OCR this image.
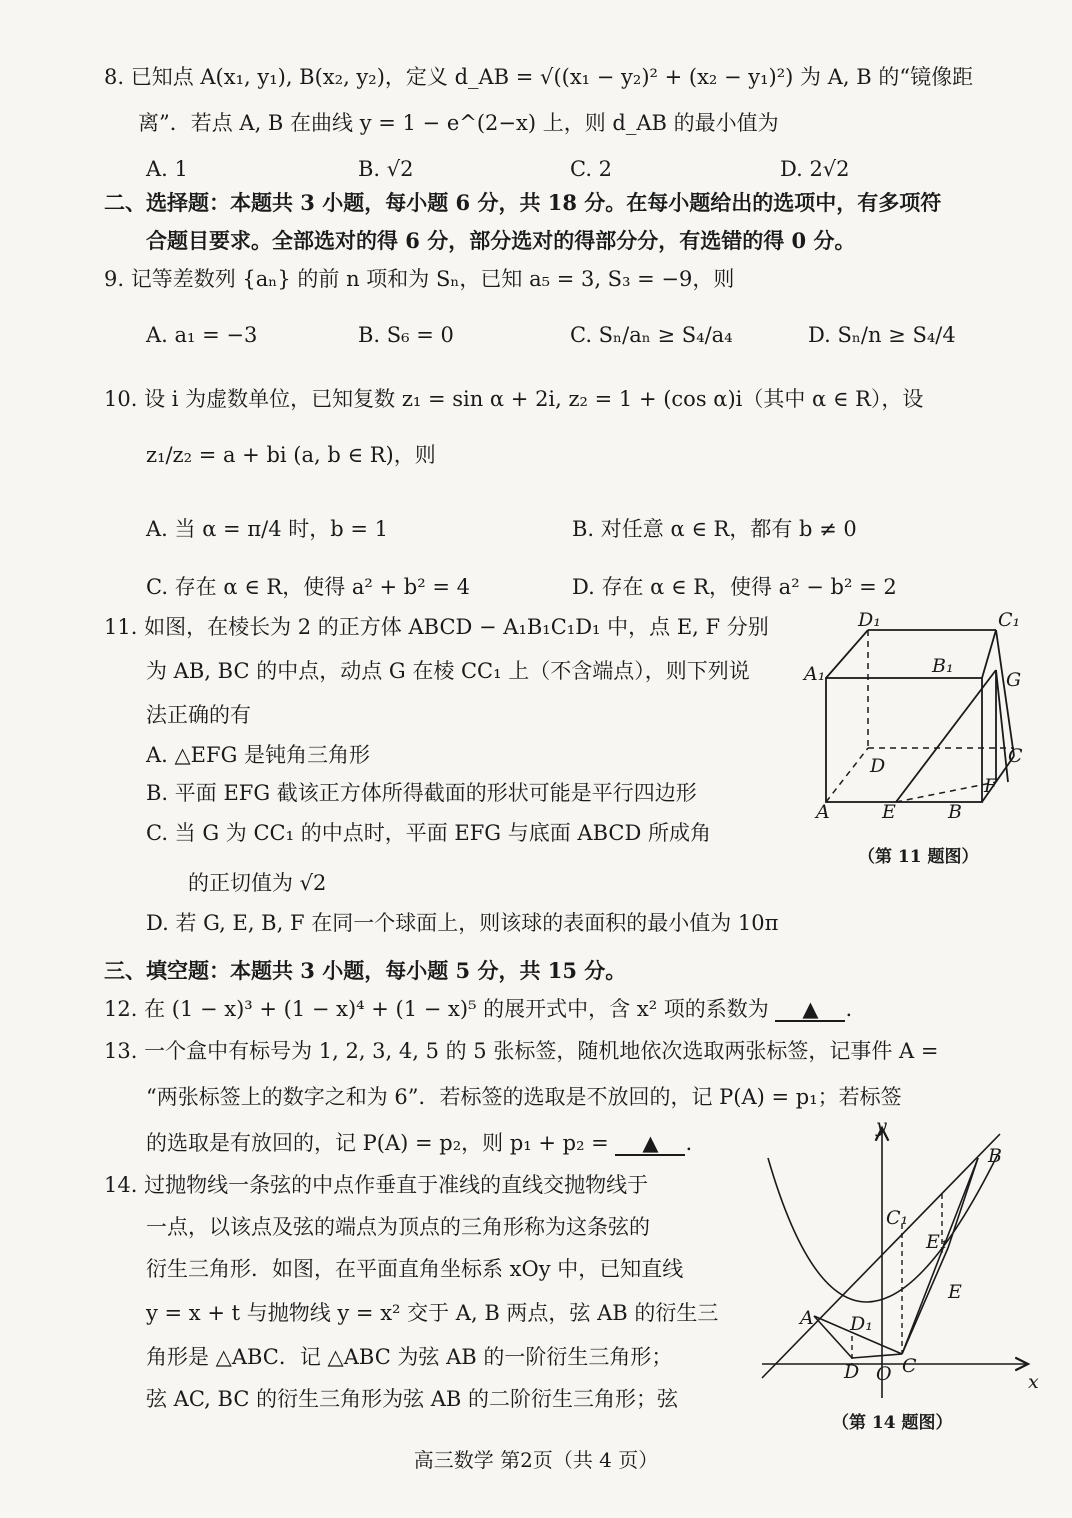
8. 已知点 A(x₁, y₁), B(x₂, y₂)，定义 d_AB = √((x₁ − y₂)² + (x₂ − y₁)²) 为 A, B 的“镜像距
离”．若点 A, B 在曲线 y = 1 − e^(2−x) 上，则 d_AB 的最小值为
A. 1	B. √2	C. 2	D. 2√2
二、选择题：本题共 3 小题，每小题 6 分，共 18 分。在每小题给出的选项中，有多项符
合题目要求。全部选对的得 6 分，部分选对的得部分分，有选错的得 0 分。
9. 记等差数列 {aₙ} 的前 n 项和为 Sₙ，已知 a₅ = 3, S₃ = −9，则
A. a₁ = −3	B. S₆ = 0	C. Sₙ/aₙ ≥ S₄/a₄	D. Sₙ/n ≥ S₄/4
10. 设 i 为虚数单位，已知复数 z₁ = sin α + 2i, z₂ = 1 + (cos α)i（其中 α ∈ R），设
z₁/z₂ = a + bi (a, b ∈ R)，则
A. 当 α = π/4 时，b = 1	B. 对任意 α ∈ R，都有 b ≠ 0
C. 存在 α ∈ R，使得 a² + b² = 4	D. 存在 α ∈ R，使得 a² − b² = 2
11. 如图，在棱长为 2 的正方体 ABCD − A₁B₁C₁D₁ 中，点 E, F 分别
为 AB, BC 的中点，动点 G 在棱 CC₁ 上（不含端点），则下列说
法正确的有
A. △EFG 是钝角三角形
B. 平面 EFG 截该正方体所得截面的形状可能是平行四边形
C. 当 G 为 CC₁ 的中点时，平面 EFG 与底面 ABCD 所成角
的正切值为 √2
D. 若 G, E, B, F 在同一个球面上，则该球的表面积的最小值为 10π
D₁	C₁
A₁	B₁
G
D	C
F
A	E	B
（第 11 题图）
三、填空题：本题共 3 小题，每小题 5 分，共 15 分。
12. 在 (1 − x)³ + (1 − x)⁴ + (1 − x)⁵ 的展开式中，含 x² 项的系数为 ▲ .
13. 一个盒中有标号为 1, 2, 3, 4, 5 的 5 张标签，随机地依次选取两张标签，记事件 A =
“两张标签上的数字之和为 6”．若标签的选取是不放回的，记 P(A) = p₁；若标签
的选取是有放回的，记 P(A) = p₂，则 p₁ + p₂ = ▲ .
14. 过抛物线一条弦的中点作垂直于准线的直线交抛物线于
一点，以该点及弦的端点为顶点的三角形称为这条弦的
衍生三角形．如图，在平面直角坐标系 xOy 中，已知直线
y = x + t 与抛物线 y = x² 交于 A, B 两点，弦 AB 的衍生三
角形是 △ABC．记 △ABC 为弦 AB 的一阶衍生三角形；
弦 AC, BC 的衍生三角形为弦 AB 的二阶衍生三角形；弦
y
B
C₁
E₁
E
A D₁
C
D O	x
（第 14 题图）
高三数学 第2页（共 4 页）
